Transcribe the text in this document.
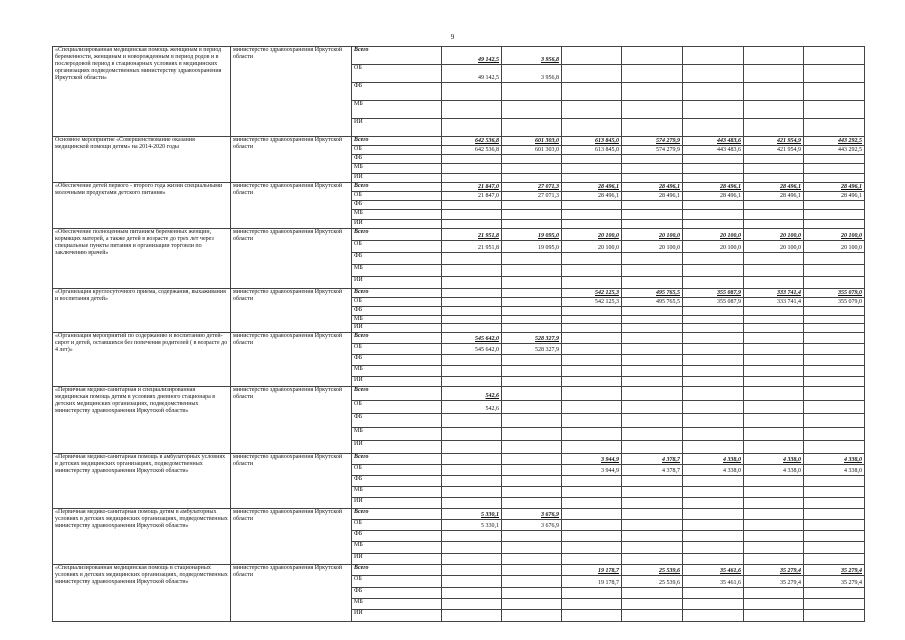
9
«Специализированная медицинская помощь женщинам в период беременности, женщинам и новорожденным в период родов и в послеродовой период в стационарных условиях в медицинских организациях подведомственных министерству здравоохранения Иркутской области»	министерство здравоохранения Иркутской области	Всего	49 142,5	3 956,8					
		ОБ	49 142,5	3 956,8					
		ФБ							
		МБ							
		ИИ							
Основное мероприятие «Совершенствование оказания медицинской помощи детям» на 2014-2020 годы	министерство здравоохранения Иркутской области	Всего	642 536,8	601 303,0	613 845,0	574 279,9	443 483,6	421 954,9	443 292,5
		ОБ	642 536,8	601 303,0	613 845,0	574 279,9	443 483,6	421 954,9	443 292,5
		ФБ							
		МБ							
		ИИ							
«Обеспечение детей первого - второго года жизни специальными молочными продуктами детского питания»	министерство здравоохранения Иркутской области	Всего	21 847,0	27 071,3	28 496,1	28 496,1	28 496,1	28 496,1	28 496,1
		ОБ	21 847,0	27 071,3	28 496,1	28 496,1	28 496,1	28 496,1	28 496,1
		ФБ							
		МБ							
		ИИ							
«Обеспечение полноценным питанием беременных женщин, кормящих матерей, а также детей в возрасте до трех лет через специальные пункты питания и организации торговли по заключению врачей»	министерство здравоохранения Иркутской области	Всего	21 951,8	19 095,0	20 100,0	20 100,0	20 100,0	20 100,0	20 100,0
		ОБ	21 951,8	19 095,0	20 100,0	20 100,0	20 100,0	20 100,0	20 100,0
		ФБ							
		МБ							
		ИИ							
«Организация круглосуточного приема, содержания, выхаживания и воспитания детей»	министерство здравоохранения Иркутской области	Всего			542 125,3	495 765,5	355 087,9	333 741,4	355 079,0
		ОБ			542 125,3	495 765,5	355 087,9	333 741,4	355 079,0
		ФБ							
		МБ							
		ИИ							
«Организация мероприятий по содержанию и воспитанию детей-сирот и детей, оставшихся без попечения родителей ( в возрасте до 4 лет)»	министерство здравоохранения Иркутской области	Всего	545 642,0	528 327,9					
		ОБ	545 642,0	528 327,9					
		ФБ							
		МБ							
		ИИ							
«Первичная медико-санитарная и специализированная медицинская помощь детям в условиях дневного стационара в детских медицинских организациях, подведомственных министерству здравоохранения Иркутской области»	министерство здравоохранения Иркутской области	Всего	542,6						
		ОБ	542,6						
		ФБ							
		МБ							
		ИИ							
«Первичная медико-санитарная помощь в амбулаторных условиях в детских медицинских организациях, подведомственных министерству здравоохранения Иркутской области»	министерство здравоохранения Иркутской области	Всего			3 944,9	4 378,7	4 338,0	4 338,0	4 338,0
		ОБ			3 944,9	4 378,7	4 338,0	4 338,0	4 338,0
		ФБ							
		МБ							
		ИИ							
«Первичная медико-санитарная помощь детям в амбулаторных условиях в детских медицинских организациях, подведомственных министерству здравоохранения Иркутской области»	министерство здравоохранения Иркутской области	Всего	5 330,1	3 676,9					
		ОБ	5 330,1	3 676,9					
		ФБ							
		МБ							
		ИИ							
«Специализированная медицинская помощь в стационарных условиях в детских медицинских организациях, подведомственных министерству здравоохранения Иркутской области»	министерство здравоохранения Иркутской области	Всего			19 178,7	25 539,6	35 461,6	35 279,4	35 279,4
		ОБ			19 178,7	25 539,6	35 461,6	35 279,4	35 279,4
		ФБ							
		МБ							
		ИИ							
